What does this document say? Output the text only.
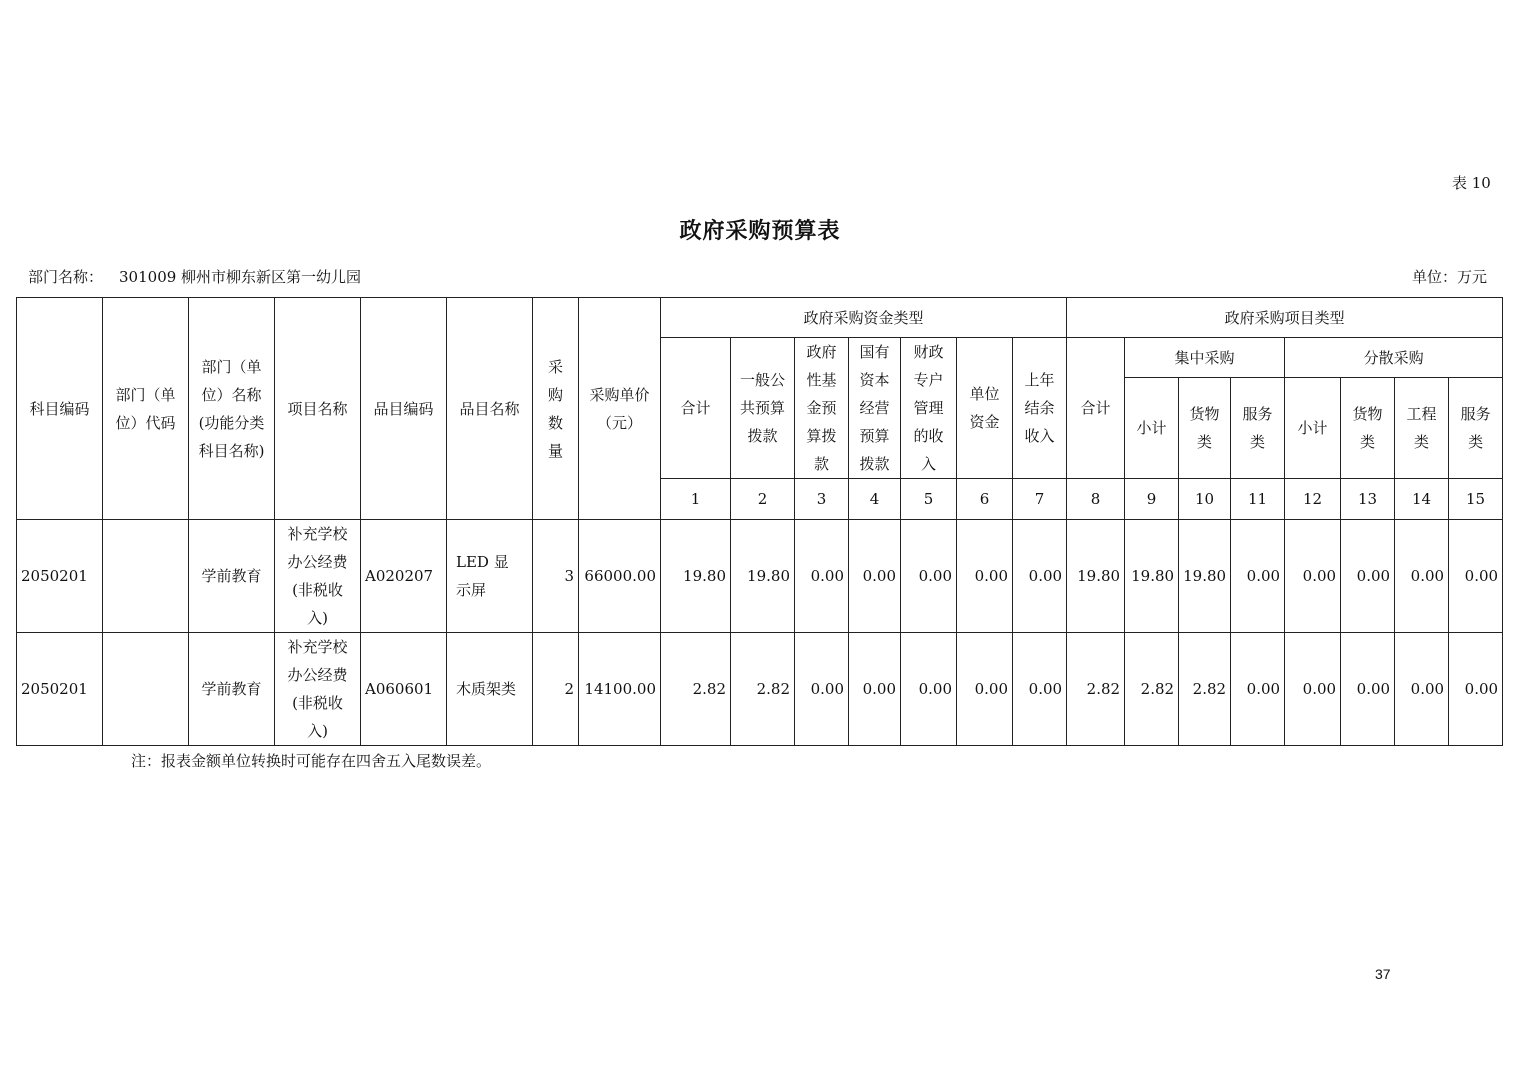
表 10
政府采购预算表
部门名称： 301009 柳州市柳东新区第一幼儿园	单位：万元
科目编码	部门（单位）代码	部门（单位）名称(功能分类科目名称)	项目名称	品目编码	品目名称	采购数量	采购单价（元）	政府采购资金类型							政府采购项目类型							
								合计	一般公共预算拨款	政府性基金预算拨款	国有资本经营预算拨款	财政专户管理的收入	单位资金	上年结余收入	合计	集中采购			分散采购			
																小计	货物类	服务类	小计	货物类	工程类	服务类
								1	2	3	4	5	6	7	8	9	10	11	12	13	14	15
2050201		学前教育	补充学校办公经费(非税收入)	A020207	LED 显示屏	3	66000.00	19.80	19.80	0.00	0.00	0.00	0.00	0.00	19.80	19.80	19.80	0.00	0.00	0.00	0.00	0.00
2050201		学前教育	补充学校办公经费(非税收入)	A060601	木质架类	2	14100.00	2.82	2.82	0.00	0.00	0.00	0.00	0.00	2.82	2.82	2.82	0.00	0.00	0.00	0.00	0.00
注：报表金额单位转换时可能存在四舍五入尾数误差。
37
